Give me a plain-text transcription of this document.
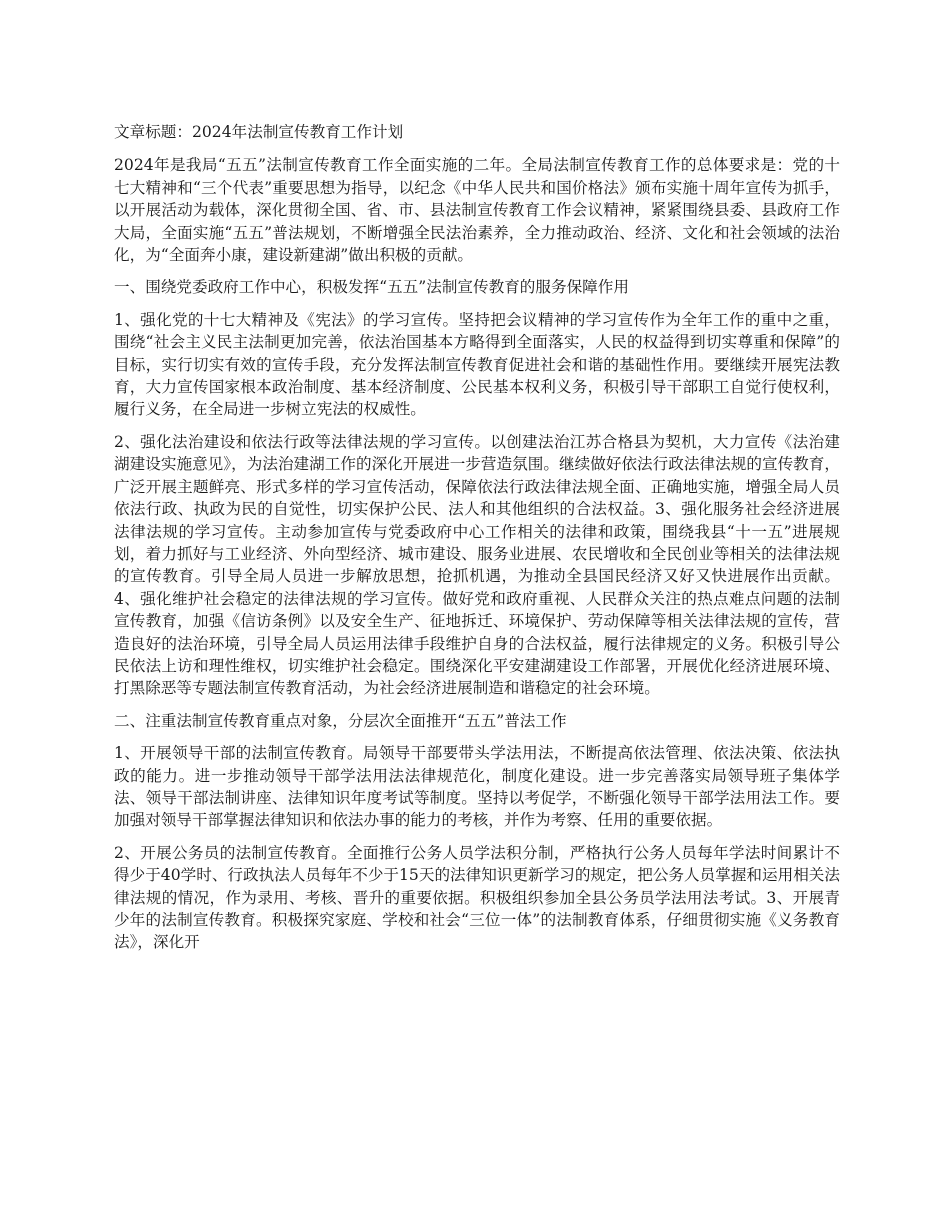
文章标题：2024年法制宣传教育工作计划

2024年是我局“五五”法制宣传教育工作全面实施的二年。全局法制宣传教育工作的总体要求是：党的十七大精神和“三个代表”重要思想为指导，以纪念《中华人民共和国价格法》颁布实施十周年宣传为抓手，以开展活动为载体，深化贯彻全国、省、市、县法制宣传教育工作会议精神，紧紧围绕县委、县政府工作大局，全面实施“五五”普法规划，不断增强全民法治素养，全力推动政治、经济、文化和社会领域的法治化，为“全面奔小康，建设新建湖”做出积极的贡献。

一、围绕党委政府工作中心，积极发挥“五五”法制宣传教育的服务保障作用

1、强化党的十七大精神及《宪法》的学习宣传。坚持把会议精神的学习宣传作为全年工作的重中之重，围绕“社会主义民主法制更加完善，依法治国基本方略得到全面落实，人民的权益得到切实尊重和保障”的目标，实行切实有效的宣传手段，充分发挥法制宣传教育促进社会和谐的基础性作用。要继续开展宪法教育，大力宣传国家根本政治制度、基本经济制度、公民基本权利义务，积极引导干部职工自觉行使权利，履行义务，在全局进一步树立宪法的权威性。

2、强化法治建设和依法行政等法律法规的学习宣传。以创建法治江苏合格县为契机，大力宣传《法治建湖建设实施意见》，为法治建湖工作的深化开展进一步营造氛围。继续做好依法行政法律法规的宣传教育，广泛开展主题鲜亮、形式多样的学习宣传活动，保障依法行政法律法规全面、正确地实施，增强全局人员依法行政、执政为民的自觉性，切实保护公民、法人和其他组织的合法权益。3、强化服务社会经济进展法律法规的学习宣传。主动参加宣传与党委政府中心工作相关的法律和政策，围绕我县“十一五”进展规划，着力抓好与工业经济、外向型经济、城市建设、服务业进展、农民增收和全民创业等相关的法律法规的宣传教育。引导全局人员进一步解放思想，抢抓机遇，为推动全县国民经济又好又快进展作出贡献。4、强化维护社会稳定的法律法规的学习宣传。做好党和政府重视、人民群众关注的热点难点问题的法制宣传教育，加强《信访条例》以及安全生产、征地拆迁、环境保护、劳动保障等相关法律法规的宣传，营造良好的法治环境，引导全局人员运用法律手段维护自身的合法权益，履行法律规定的义务。积极引导公民依法上访和理性维权，切实维护社会稳定。围绕深化平安建湖建设工作部署，开展优化经济进展环境、打黑除恶等专题法制宣传教育活动，为社会经济进展制造和谐稳定的社会环境。

二、注重法制宣传教育重点对象，分层次全面推开“五五”普法工作

1、开展领导干部的法制宣传教育。局领导干部要带头学法用法，不断提高依法管理、依法决策、依法执政的能力。进一步推动领导干部学法用法法律规范化，制度化建设。进一步完善落实局领导班子集体学法、领导干部法制讲座、法律知识年度考试等制度。坚持以考促学，不断强化领导干部学法用法工作。要加强对领导干部掌握法律知识和依法办事的能力的考核，并作为考察、任用的重要依据。

2、开展公务员的法制宣传教育。全面推行公务人员学法积分制，严格执行公务人员每年学法时间累计不得少于40学时、行政执法人员每年不少于15天的法律知识更新学习的规定，把公务人员掌握和运用相关法律法规的情况，作为录用、考核、晋升的重要依据。积极组织参加全县公务员学法用法考试。3、开展青少年的法制宣传教育。积极探究家庭、学校和社会“三位一体”的法制教育体系，仔细贯彻实施《义务教育法》，深化开
